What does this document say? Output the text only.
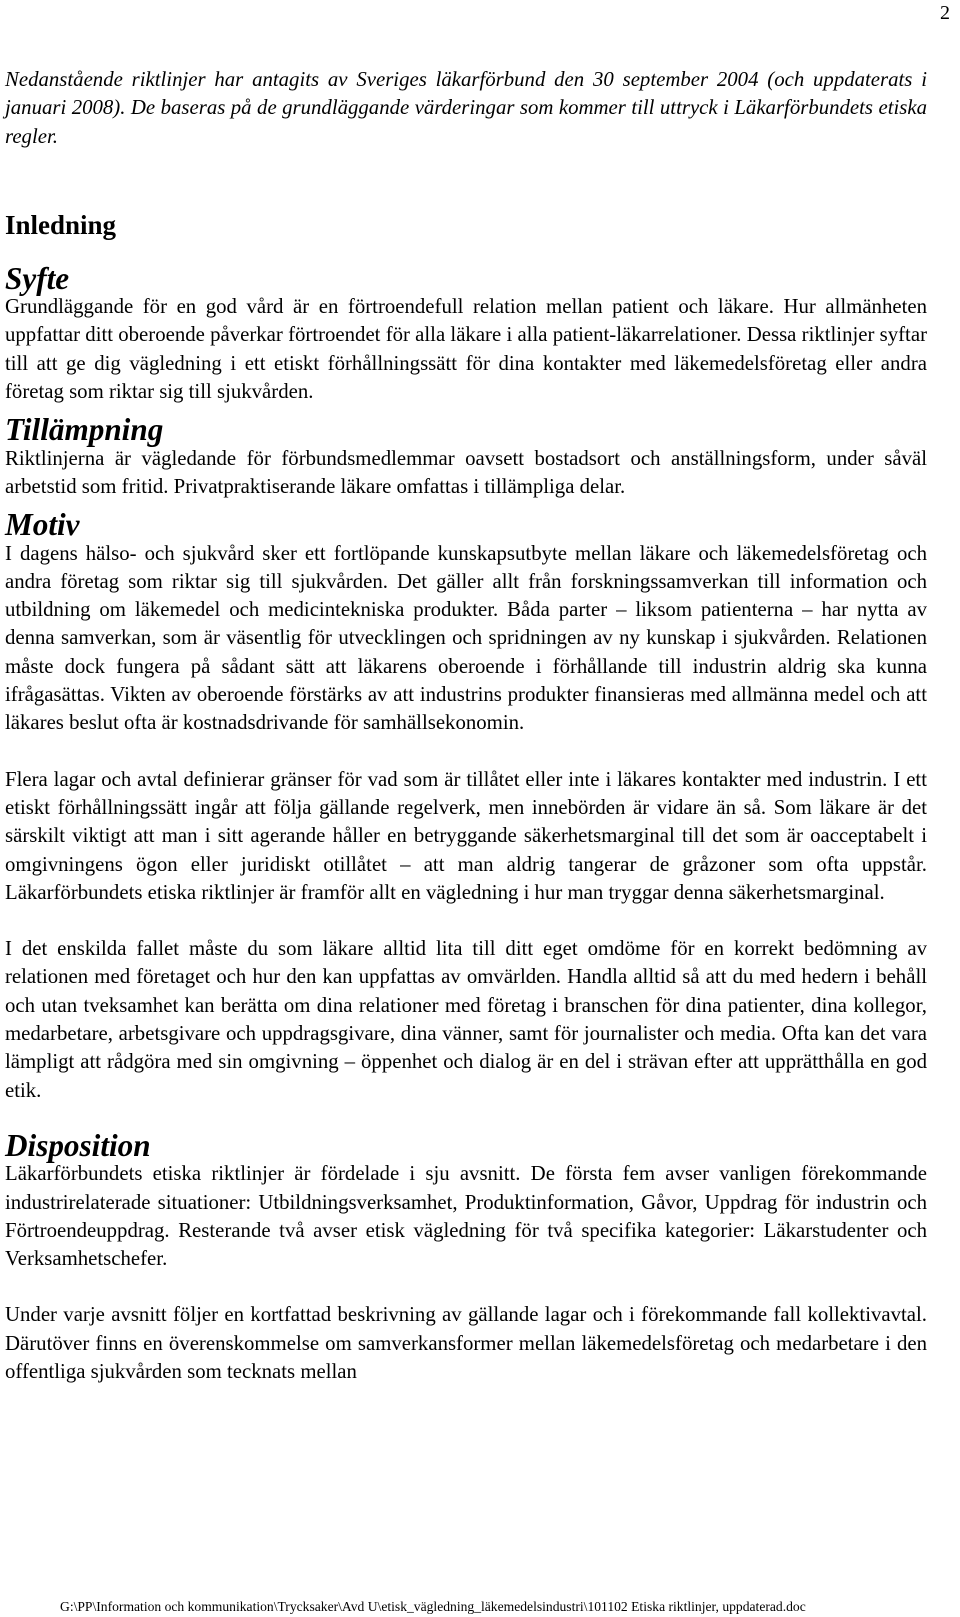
2

Nedanstående riktlinjer har antagits av Sveriges läkarförbund den 30 september 2004 (och uppdaterats i januari 2008). De baseras på de grundläggande värderingar som kommer till uttryck i Läkarförbundets etiska regler.

Inledning
Syfte

Grundläggande för en god vård är en förtroendefull relation mellan patient och läkare. Hur allmänheten uppfattar ditt oberoende påverkar förtroendet för alla läkare i alla patient-läkarrelationer. Dessa riktlinjer syftar till att ge dig vägledning i ett etiskt förhållningssätt för dina kontakter med läkemedelsföretag eller andra företag som riktar sig till sjukvården.

Tillämpning

Riktlinjerna är vägledande för förbundsmedlemmar oavsett bostadsort och anställningsform, under såväl arbetstid som fritid. Privatpraktiserande läkare omfattas i tillämpliga delar.

Motiv

I dagens hälso- och sjukvård sker ett fortlöpande kunskapsutbyte mellan läkare och läkemedelsföretag och andra företag som riktar sig till sjukvården. Det gäller allt från forskningssamverkan till information och utbildning om läkemedel och medicintekniska produkter. Båda parter – liksom patienterna – har nytta av denna samverkan, som är väsentlig för utvecklingen och spridningen av ny kunskap i sjukvården. Relationen måste dock fungera på sådant sätt att läkarens oberoende i förhållande till industrin aldrig ska kunna ifrågasättas. Vikten av oberoende förstärks av att industrins produkter finansieras med allmänna medel och att läkares beslut ofta är kostnadsdrivande för samhällsekonomin.

Flera lagar och avtal definierar gränser för vad som är tillåtet eller inte i läkares kontakter med industrin. I ett etiskt förhållningssätt ingår att följa gällande regelverk, men innebörden är vidare än så. Som läkare är det särskilt viktigt att man i sitt agerande håller en betryggande säkerhetsmarginal till det som är oacceptabelt i omgivningens ögon eller juridiskt otillåtet – att man aldrig tangerar de gråzoner som ofta uppstår. Läkarförbundets etiska riktlinjer är framför allt en vägledning i hur man tryggar denna säkerhetsmarginal.

I det enskilda fallet måste du som läkare alltid lita till ditt eget omdöme för en korrekt bedömning av relationen med företaget och hur den kan uppfattas av omvärlden. Handla alltid så att du med hedern i behåll och utan tveksamhet kan berätta om dina relationer med företag i branschen för dina patienter, dina kollegor, medarbetare, arbetsgivare och uppdragsgivare, dina vänner, samt för journalister och media. Ofta kan det vara lämpligt att rådgöra med sin omgivning – öppenhet och dialog är en del i strävan efter att upprätthålla en god etik.

Disposition

Läkarförbundets etiska riktlinjer är fördelade i sju avsnitt. De första fem avser vanligen förekommande industrirelaterade situationer: Utbildningsverksamhet, Produktinformation, Gåvor, Uppdrag för industrin och Förtroendeuppdrag. Resterande två avser etisk vägledning för två specifika kategorier: Läkarstudenter och Verksamhetschefer.

Under varje avsnitt följer en kortfattad beskrivning av gällande lagar och i förekommande fall kollektivavtal. Därutöver finns en överenskommelse om samverkansformer mellan läkemedelsföretag och medarbetare i den offentliga sjukvården som tecknats mellan

G:\PP\Information och kommunikation\Trycksaker\Avd U\etisk_vägledning_läkemedelsindustri\101102 Etiska riktlinjer, uppdaterad.doc
